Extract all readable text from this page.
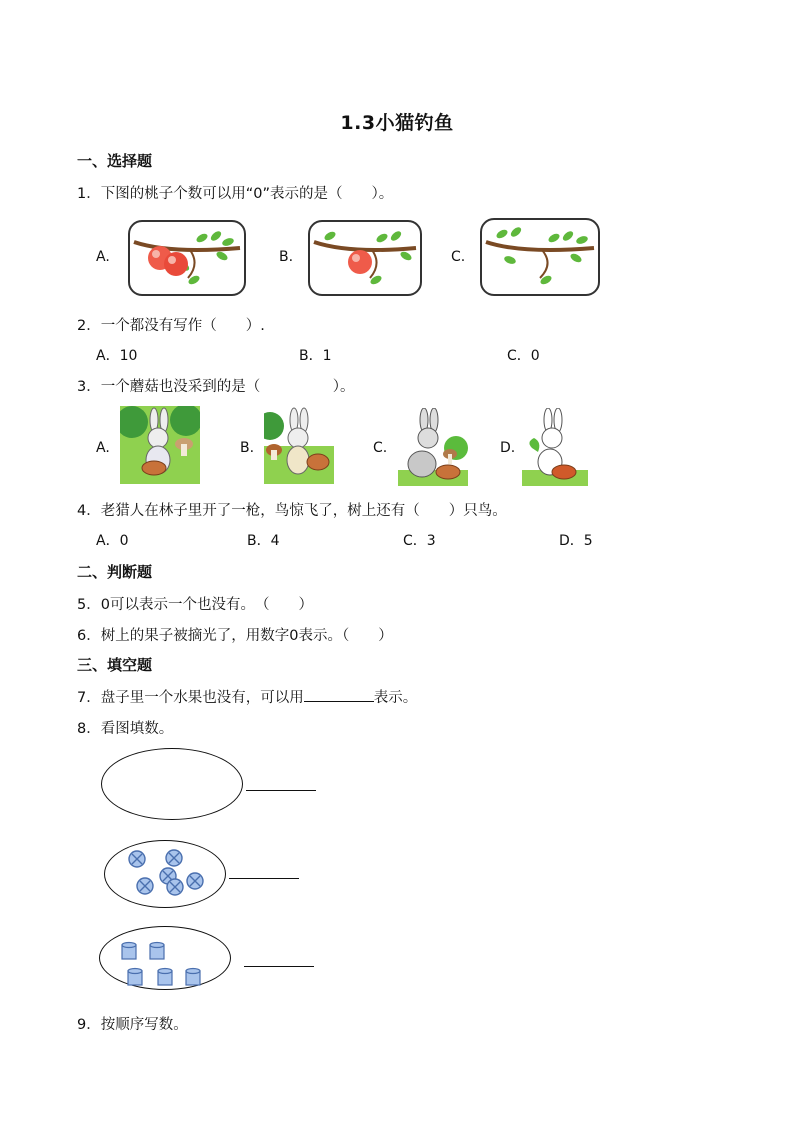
1.3小猫钓鱼
一、选择题
1．下图的桃子个数可以用“0”表示的是（　　）。
A.	B.	C.
2．一个都没有写作（　　）.
A．10	B．1	C．0
3．一个蘑菇也没采到的是（　　　　　）。
A.	B.	C.	D.
4．老猎人在林子里开了一枪，鸟惊飞了，树上还有（　　）只鸟。
A．0	B．4	C．3	D．5
二、判断题
5．0可以表示一个也没有。　（　　）
6．树上的果子被摘光了，用数字0表示。（　　）
三、填空题
7．盘子里一个水果也没有，可以用	表示。
8．看图填数。
9．按顺序写数。
